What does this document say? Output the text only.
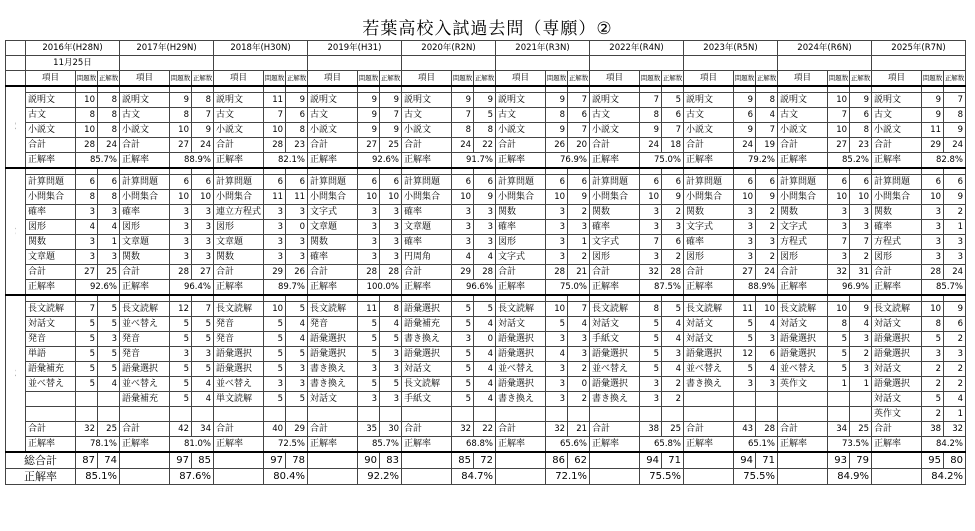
若葉高校入試過去問（専願）②
	2016年(H28N)			2017年(H29N)			2018年(H30N)			2019年(H31)			2020年(R2N)			2021年(R3N)			2022年(R4N)			2023年(R5N)			2024年(R6N)			2025年(R7N)		
	11月25日																													
	項目	問題数	正解数	項目	問題数	正解数	項目	問題数	正解数	項目	問題数	正解数	項目	問題数	正解数	項目	問題数	正解数	項目	問題数	正解数	項目	問題数	正解数	項目	問題数	正解数	項目	問題数	正解数
国
語																														
	説明文	10	8	説明文	9	8	説明文	11	9	説明文	9	9	説明文	9	9	説明文	9	7	説明文	7	5	説明文	9	8	説明文	10	9	説明文	9	7
	古文	8	8	古文	8	7	古文	7	6	古文	9	7	古文	7	5	古文	8	6	古文	8	6	古文	6	4	古文	7	6	古文	9	8
	小説文	10	8	小説文	10	9	小説文	10	8	小説文	9	9	小説文	8	8	小説文	9	7	小説文	9	7	小説文	9	7	小説文	10	8	小説文	11	9
	合計	28	24	合計	27	24	合計	28	23	合計	27	25	合計	24	22	合計	26	20	合計	24	18	合計	24	19	合計	27	23	合計	29	24
	正解率	85.7%		正解率	88.9%		正解率	82.1%		正解率	92.6%		正解率	91.7%		正解率	76.9%		正解率	75.0%		正解率	79.2%		正解率	85.2%		正解率	82.8%	
数
学																														
	計算問題	6	6	計算問題	6	6	計算問題	6	6	計算問題	6	6	計算問題	6	6	計算問題	6	6	計算問題	6	6	計算問題	6	6	計算問題	6	6	計算問題	6	6
	小問集合	8	8	小問集合	10	10	小問集合	11	11	小問集合	10	10	小問集合	10	9	小問集合	10	9	小問集合	10	9	小問集合	10	9	小問集合	10	10	小問集合	10	9
	確率	3	3	確率	3	3	連立方程式	3	3	文字式	3	3	確率	3	3	関数	3	2	関数	3	2	関数	3	2	関数	3	3	関数	3	2
	図形	4	4	図形	3	3	図形	3	0	文章題	3	3	文章題	3	3	確率	3	3	確率	3	3	文字式	3	2	文字式	3	3	確率	3	1
	関数	3	1	文章題	3	3	文章題	3	3	関数	3	3	確率	3	3	図形	3	1	文字式	7	6	確率	3	3	方程式	7	7	方程式	3	3
	文章題	3	3	関数	3	3	関数	3	3	確率	3	3	円周角	4	4	文字式	3	2	図形	3	2	図形	3	2	図形	3	2	図形	3	3
	合計	27	25	合計	28	27	合計	29	26	合計	28	28	合計	29	28	合計	28	21	合計	32	28	合計	27	24	合計	32	31	合計	28	24
	正解率	92.6%		正解率	96.4%		正解率	89.7%		正解率	100.0%		正解率	96.6%		正解率	75.0%		正解率	87.5%		正解率	88.9%		正解率	96.9%		正解率	85.7%	
英
語																														
	長文読解	7	5	長文読解	12	7	長文読解	10	5	長文読解	11	8	語彙選択	5	5	長文読解	10	7	長文読解	8	5	長文読解	11	10	長文読解	10	9	長文読解	10	9
	対話文	5	5	並べ替え	5	5	発音	5	4	発音	5	4	語彙補充	5	4	対話文	5	4	対話文	5	4	対話文	5	4	対話文	8	4	対話文	8	6
	発音	5	3	発音	5	5	発音	5	4	語彙選択	5	5	書き換え	3	0	語彙選択	3	3	手紙文	5	4	対話文	5	3	語彙選択	5	3	語彙選択	5	2
	単語	5	5	発音	3	3	語彙選択	5	5	語彙選択	5	3	語彙選択	5	4	語彙選択	4	3	語彙選択	5	3	語彙選択	12	6	語彙選択	5	2	語彙選択	3	3
	語彙補充	5	5	語彙選択	5	5	語彙選択	5	3	書き換え	3	3	対話文	5	4	並べ替え	3	2	並べ替え	5	4	並べ替え	5	4	並べ替え	5	3	対話文	2	2
	並べ替え	5	4	並べ替え	5	4	並べ替え	3	3	書き換え	5	5	長文読解	5	4	語彙選択	3	0	語彙選択	3	2	書き換え	3	3	英作文	1	1	語彙選択	2	2
				語彙補充	5	4	単文読解	5	5	対話文	3	3	手紙文	5	4	書き換え	3	2	書き換え	3	2							対話文	5	4
																												英作文	2	1
	合計	32	25	合計	42	34	合計	40	29	合計	35	30	合計	32	22	合計	32	21	合計	38	25	合計	43	28	合計	34	25	合計	38	32
	正解率	78.1%		正解率	81.0%		正解率	72.5%		正解率	85.7%		正解率	68.8%		正解率	65.6%		正解率	65.8%		正解率	65.1%		正解率	73.5%		正解率	84.2%	
総合計		87	74		97	85		97	78		90	83		85	72		86	62		94	71		94	71		93	79		95	80
正解率		85.1%			87.6%			80.4%			92.2%			84.7%			72.1%			75.5%			75.5%			84.9%			84.2%	
